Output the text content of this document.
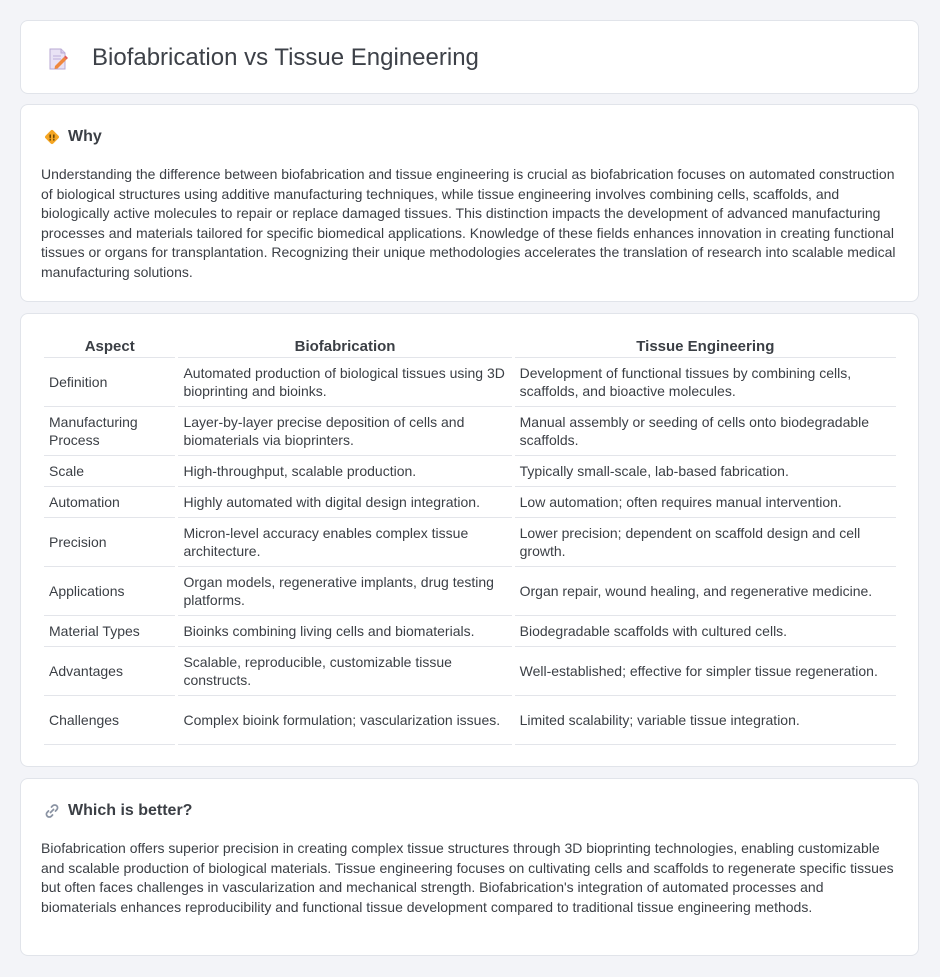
Biofabrication vs Tissue Engineering
!! Why

Understanding the difference between biofabrication and tissue engineering is crucial as biofabrication focuses on automated construction of biological structures using additive manufacturing techniques, while tissue engineering involves combining cells, scaffolds, and biologically active molecules to repair or replace damaged tissues. This distinction impacts the development of advanced manufacturing processes and materials tailored for specific biomedical applications. Knowledge of these fields enhances innovation in creating functional tissues or organs for transplantation. Recognizing their unique methodologies accelerates the translation of research into scalable medical manufacturing solutions.

Aspect	Biofabrication	Tissue Engineering
Definition	Automated production of biological tissues using 3D bioprinting and bioinks.	Development of functional tissues by combining cells, scaffolds, and bioactive molecules.
Manufacturing Process	Layer-by-layer precise deposition of cells and biomaterials via bioprinters.	Manual assembly or seeding of cells onto biodegradable scaffolds.
Scale	High-throughput, scalable production.	Typically small-scale, lab-based fabrication.
Automation	Highly automated with digital design integration.	Low automation; often requires manual intervention.
Precision	Micron-level accuracy enables complex tissue architecture.	Lower precision; dependent on scaffold design and cell growth.
Applications	Organ models, regenerative implants, drug testing platforms.	Organ repair, wound healing, and regenerative medicine.
Material Types	Bioinks combining living cells and biomaterials.	Biodegradable scaffolds with cultured cells.
Advantages	Scalable, reproducible, customizable tissue constructs.	Well-established; effective for simpler tissue regeneration.
Challenges	Complex bioink formulation; vascularization issues.	Limited scalability; variable tissue integration.
Which is better?

Biofabrication offers superior precision in creating complex tissue structures through 3D bioprinting technologies, enabling customizable and scalable production of biological materials. Tissue engineering focuses on cultivating cells and scaffolds to regenerate specific tissues but often faces challenges in vascularization and mechanical strength. Biofabrication's integration of automated processes and biomaterials enhances reproducibility and functional tissue development compared to traditional tissue engineering methods.
